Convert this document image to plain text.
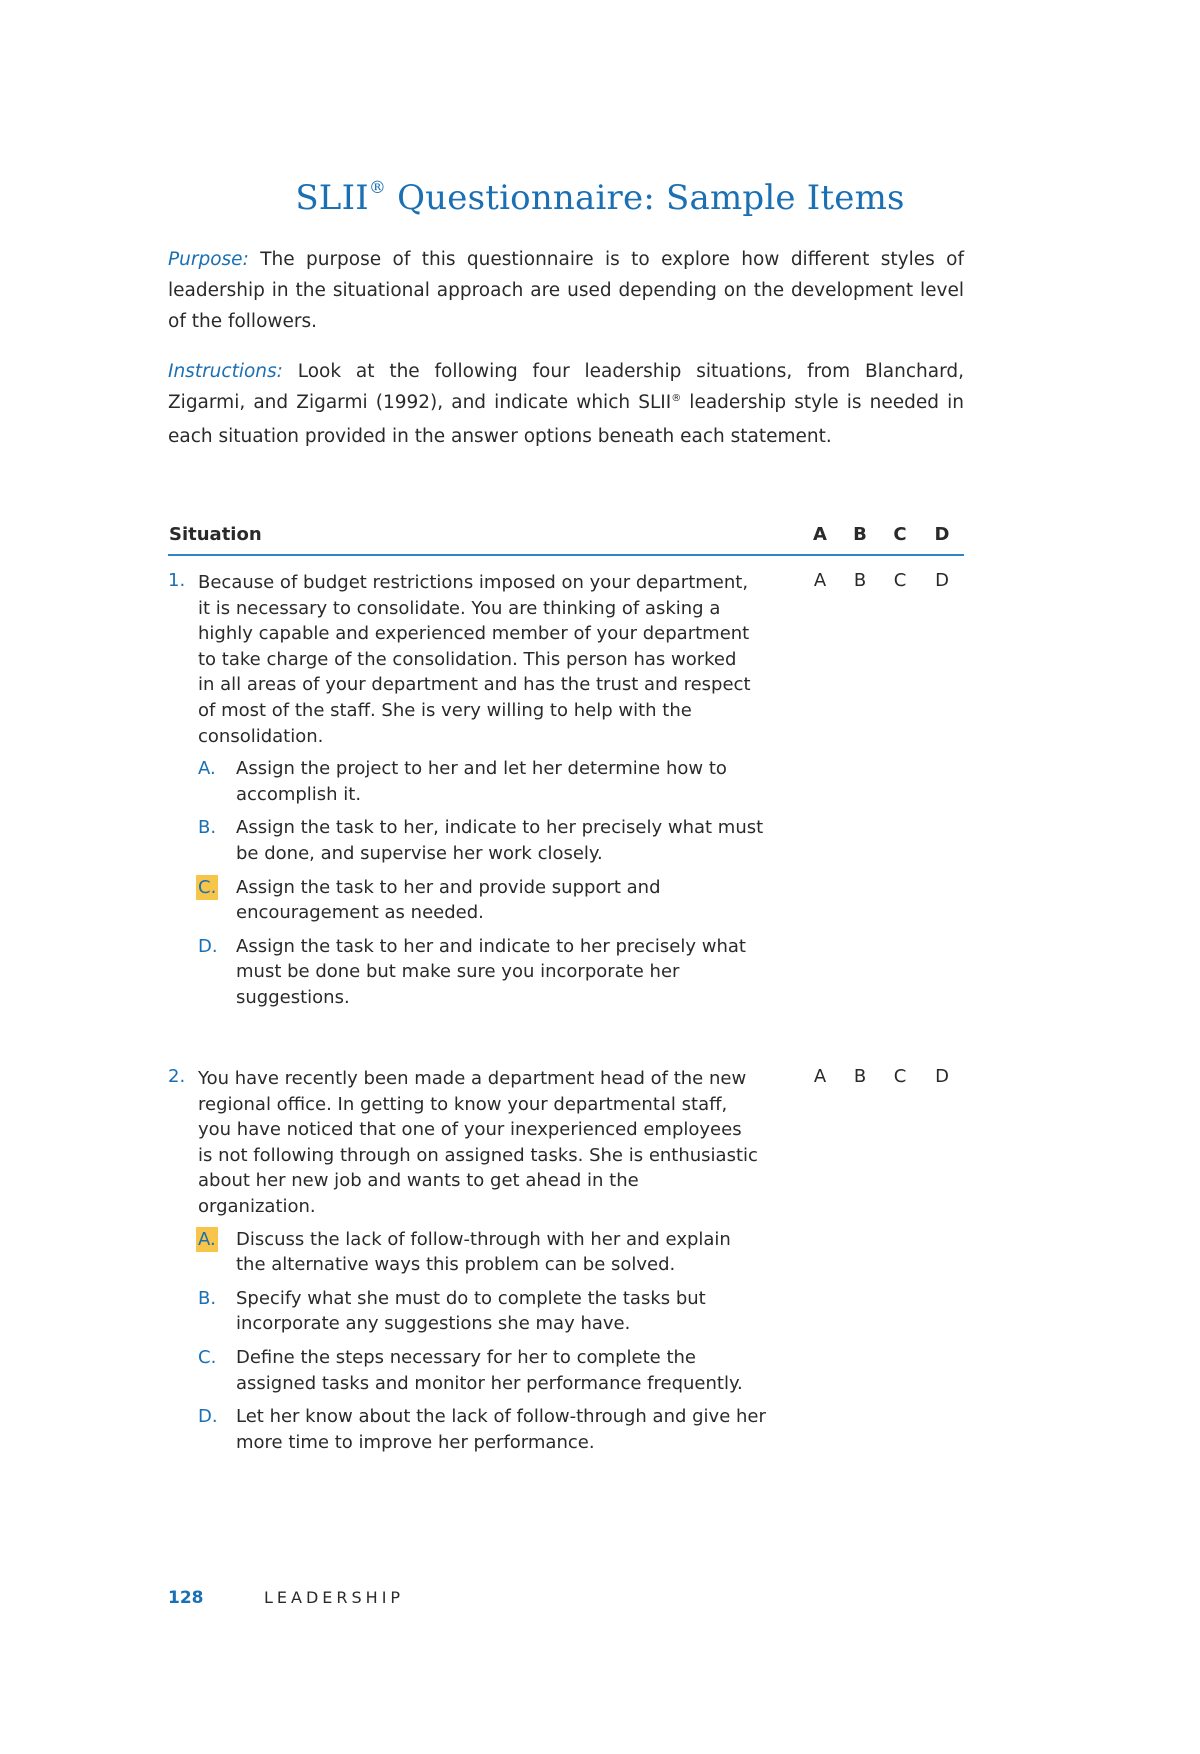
SLII® Questionnaire: Sample Items

Purpose: The purpose of this questionnaire is to explore how different styles of leadership in the situational approach are used depending on the development level of the followers.

Instructions: Look at the following four leadership situations, from Blanchard, Zigarmi, and Zigarmi (1992), and indicate which SLII® leadership style is needed in each situation provided in the answer options beneath each statement.

Situation	A B C D
A B C D
1. Because of budget restrictions imposed on your department, it is necessary to consolidate. You are thinking of asking a highly capable and experienced member of your department to take charge of the consolidation. This person has worked in all areas of your department and has the trust and respect of most of the staff. She is very willing to help with the consolidation.
A. Assign the project to her and let her determine how to accomplish it.
B. Assign the task to her, indicate to her precisely what must be done, and supervise her work closely.
C. Assign the task to her and provide support and encouragement as needed.
D. Assign the task to her and indicate to her precisely what must be done but make sure you incorporate her suggestions.
A B C D
2. You have recently been made a department head of the new regional office. In getting to know your departmental staff, you have noticed that one of your inexperienced employees is not following through on assigned tasks. She is enthusiastic about her new job and wants to get ahead in the organization.
A. Discuss the lack of follow-through with her and explain the alternative ways this problem can be solved.
B. Specify what she must do to complete the tasks but incorporate any suggestions she may have.
C. Define the steps necessary for her to complete the assigned tasks and monitor her performance frequently.
D. Let her know about the lack of follow-through and give her more time to improve her performance.
128	LEADERSHIP
